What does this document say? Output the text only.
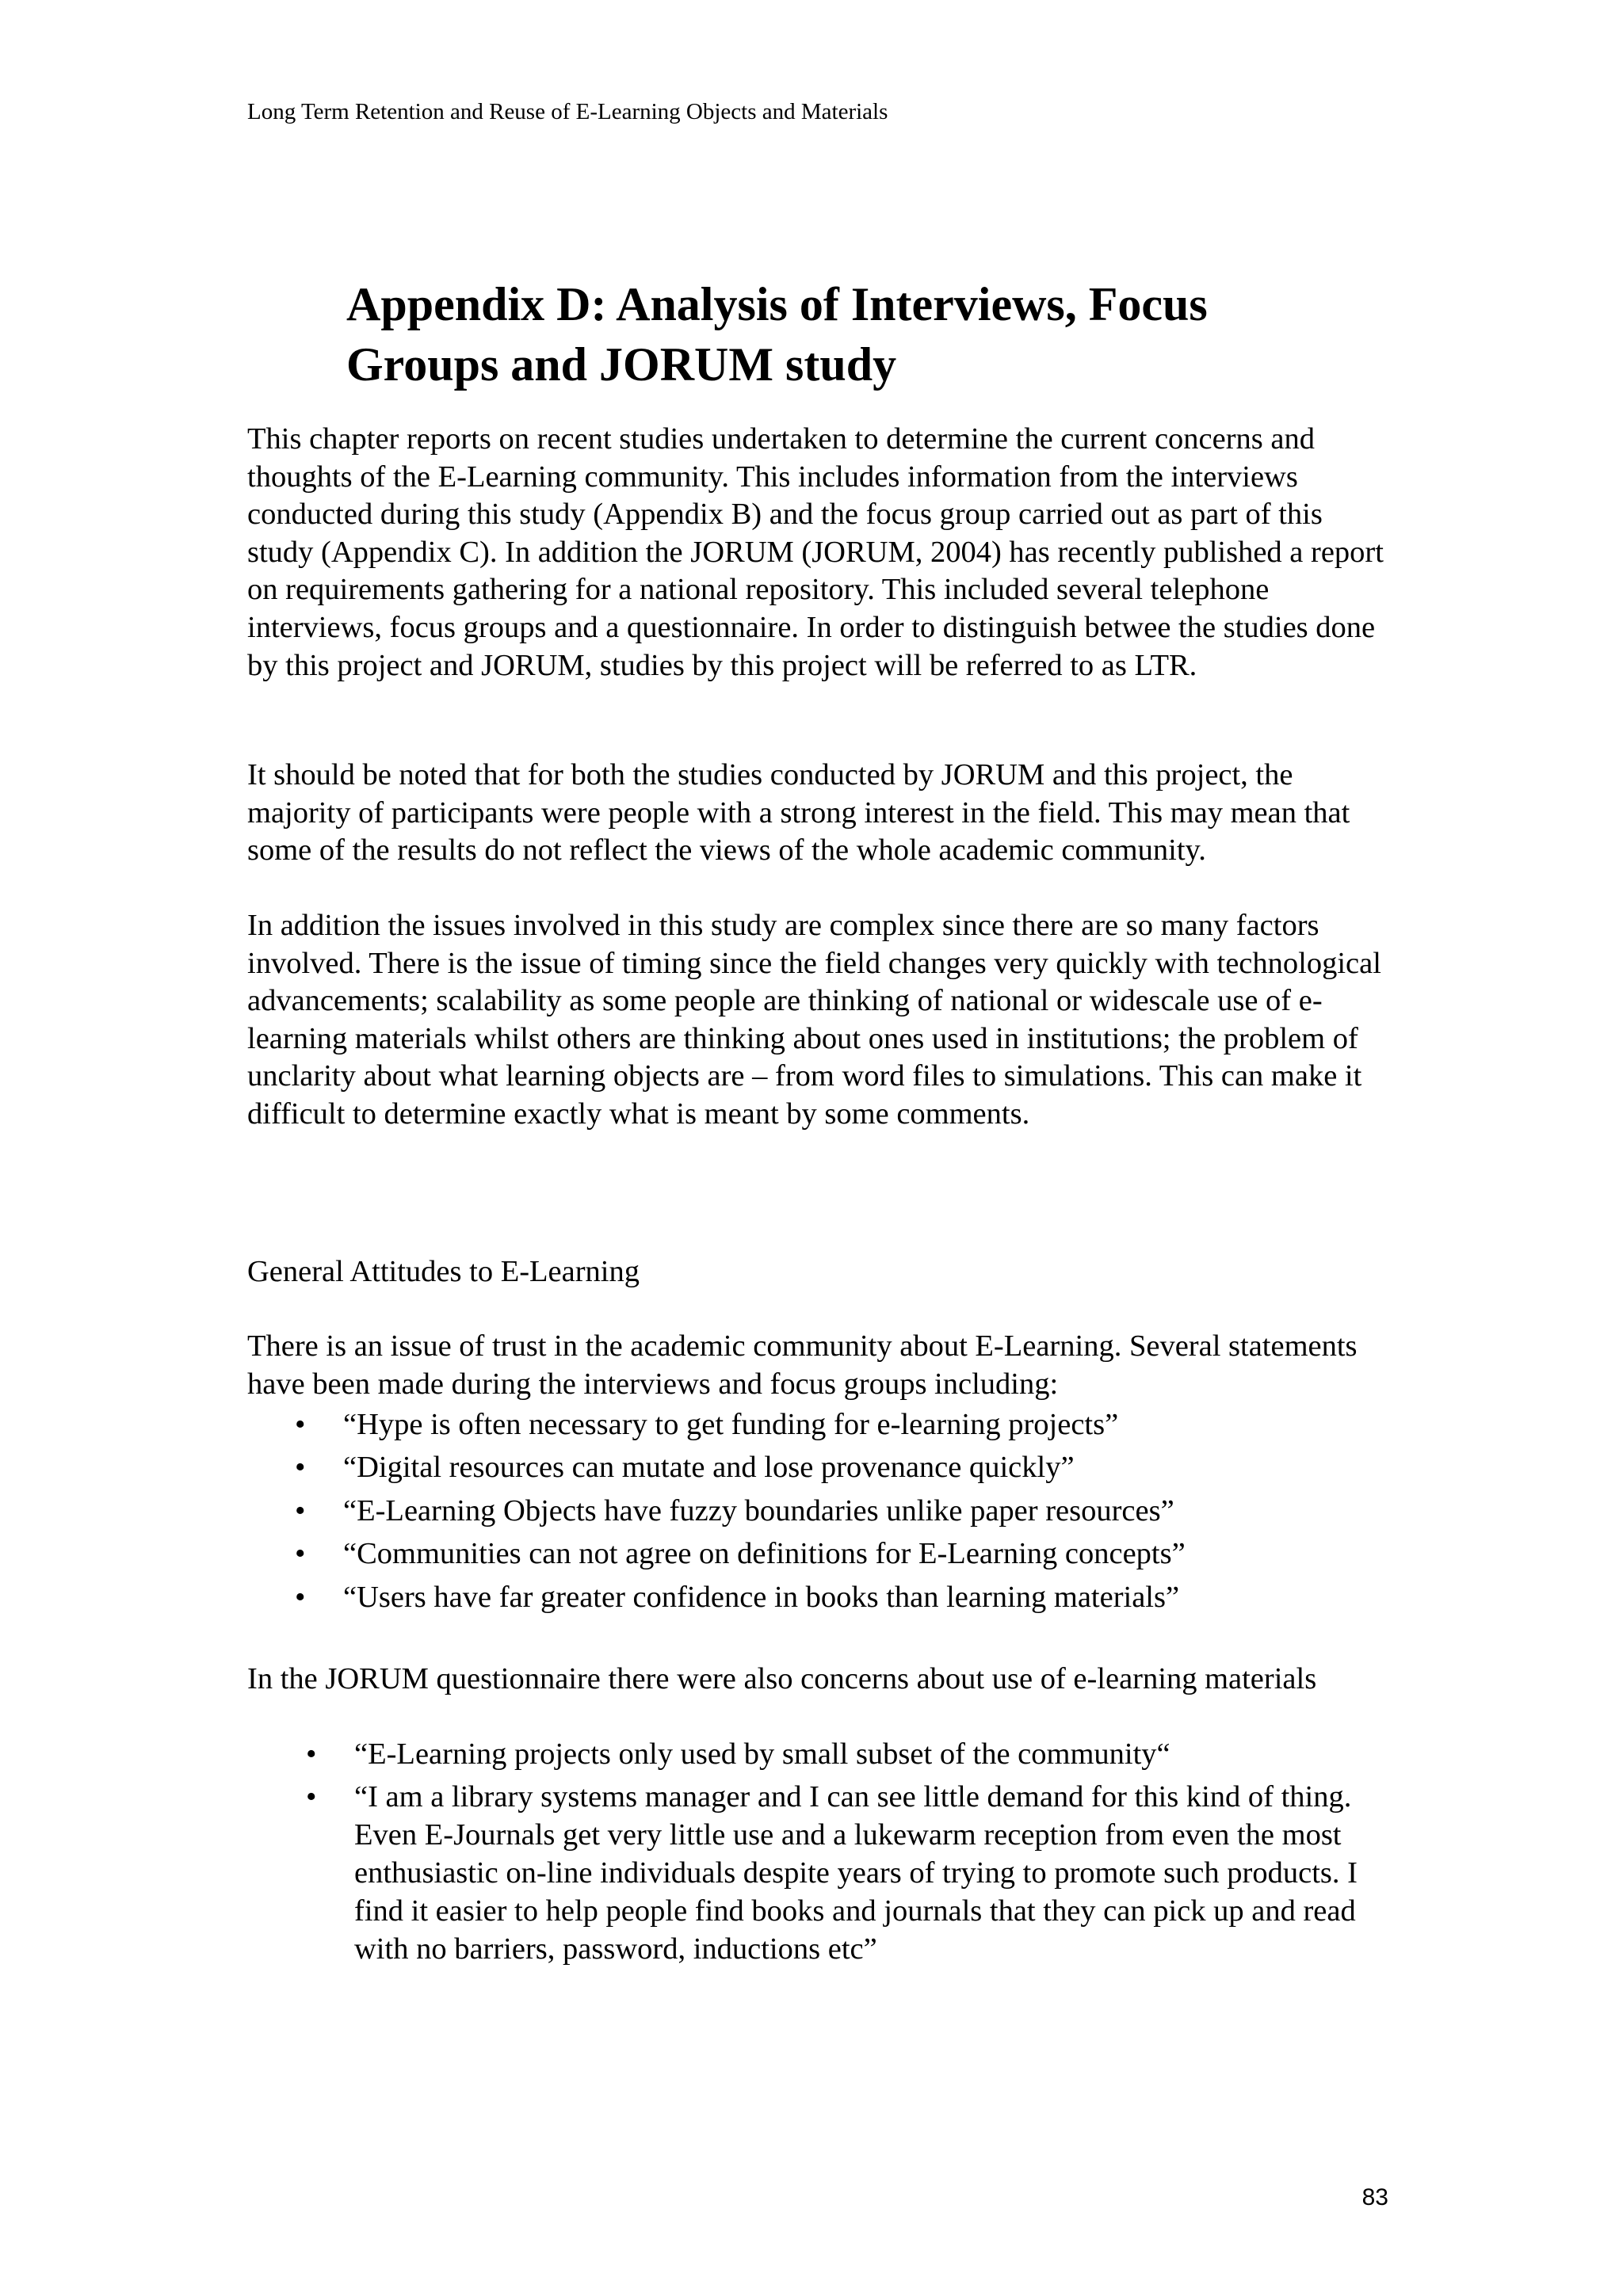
Long Term Retention and Reuse of E-Learning Objects and Materials
Appendix D: Analysis of Interviews, Focus
Groups and JORUM study

This chapter reports on recent studies undertaken to determine the current concerns and thoughts of the E-Learning community. This includes information from the interviews conducted during this study (Appendix B) and the focus group carried out as part of this study (Appendix C). In addition the JORUM (JORUM, 2004) has recently published a report on requirements gathering for a national repository. This included several telephone interviews, focus groups and a questionnaire. In order to distinguish betwee the studies done by this project and JORUM, studies by this project will be referred to as LTR.

It should be noted that for both the studies conducted by JORUM and this project, the majority of participants were people with a strong interest in the field. This may mean that some of the results do not reflect the views of the whole academic community.

In addition the issues involved in this study are complex since there are so many factors involved. There is the issue of timing since the field changes very quickly with technological advancements; scalability as some people are thinking of national or widescale use of e-learning materials whilst others are thinking about ones used in institutions; the problem of unclarity about what learning objects are – from word files to simulations. This can make it difficult to determine exactly what is meant by some comments.

General Attitudes to E-Learning

There is an issue of trust in the academic community about E-Learning. Several statements have been made during the interviews and focus groups including:

• “Hype is often necessary to get funding for e-learning projects”
• “Digital resources can mutate and lose provenance quickly”
• “E-Learning Objects have fuzzy boundaries unlike paper resources”
• “Communities can not agree on definitions for E-Learning concepts”
• “Users have far greater confidence in books than learning materials”

In the JORUM questionnaire there were also concerns about use of e-learning materials

• “E-Learning projects only used by small subset of the community“
• “I am a library systems manager and I can see little demand for this kind of thing. Even E-Journals get very little use and a lukewarm reception from even the most enthusiastic on-line individuals despite years of trying to promote such products. I find it easier to help people find books and journals that they can pick up and read with no barriers, password, inductions etc”
83
